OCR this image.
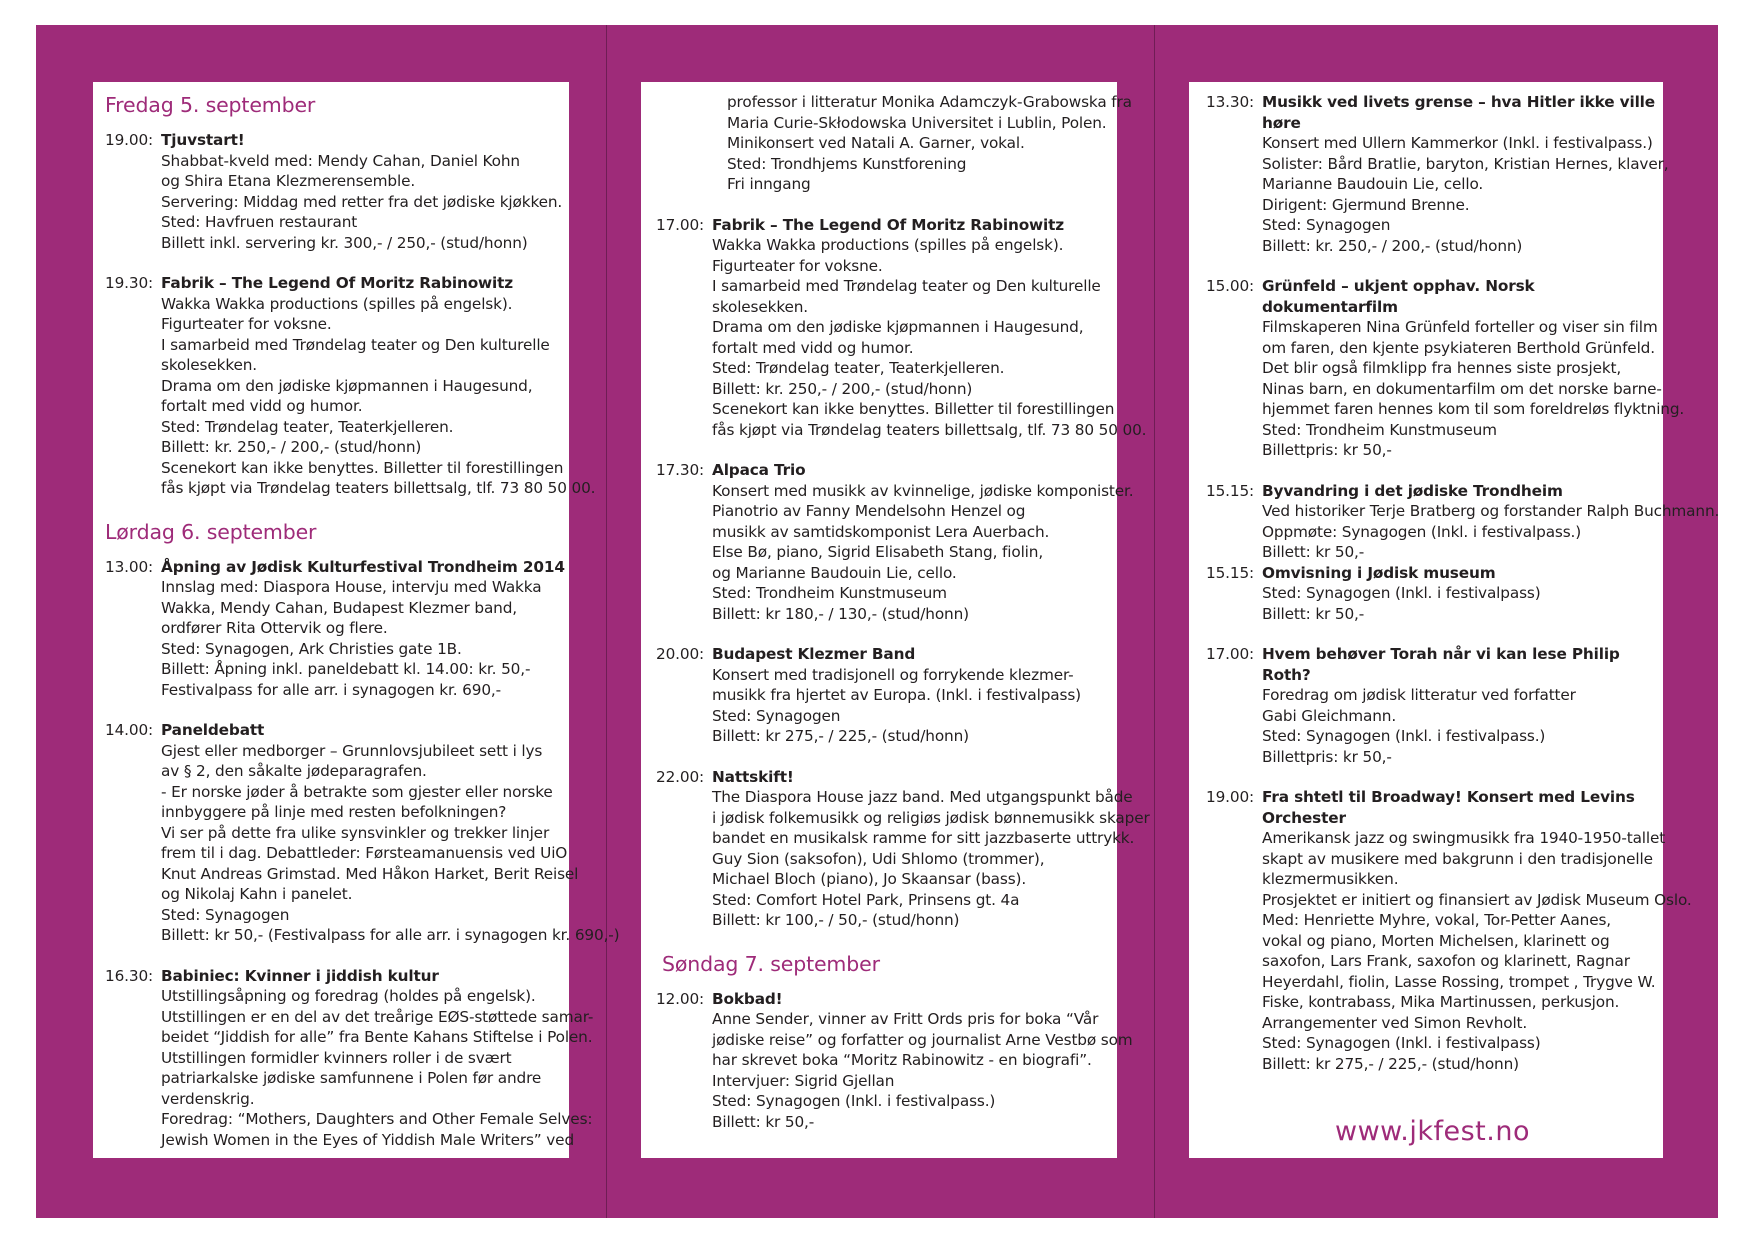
Fredag 5. september
19.00: Tjuvstart!
Shabbat-kveld med: Mendy Cahan, Daniel Kohn
og Shira Etana Klezmerensemble.
Servering: Middag med retter fra det jødiske kjøkken.
Sted: Havfruen restaurant
Billett inkl. servering kr. 300,- / 250,- (stud/honn)
19.30: Fabrik – The Legend Of Moritz Rabinowitz
Wakka Wakka productions (spilles på engelsk).
Figurteater for voksne.
I samarbeid med Trøndelag teater og Den kulturelle
skolesekken.
Drama om den jødiske kjøpmannen i Haugesund,
fortalt med vidd og humor.
Sted: Trøndelag teater, Teaterkjelleren.
Billett: kr. 250,- / 200,- (stud/honn)
Scenekort kan ikke benyttes. Billetter til forestillingen
fås kjøpt via Trøndelag teaters billettsalg, tlf. 73 80 50 00.
Lørdag 6. september
13.00: Åpning av Jødisk Kulturfestival Trondheim 2014
Innslag med: Diaspora House, intervju med Wakka
Wakka, Mendy Cahan, Budapest Klezmer band,
ordfører Rita Ottervik og flere.
Sted: Synagogen, Ark Christies gate 1B.
Billett: Åpning inkl. paneldebatt kl. 14.00: kr. 50,-
Festivalpass for alle arr. i synagogen kr. 690,-
14.00: Paneldebatt
Gjest eller medborger – Grunnlovsjubileet sett i lys
av § 2, den såkalte jødeparagrafen.
- Er norske jøder å betrakte som gjester eller norske
innbyggere på linje med resten befolkningen?
Vi ser på dette fra ulike synsvinkler og trekker linjer
frem til i dag. Debattleder: Førsteamanuensis ved UiO
Knut Andreas Grimstad. Med Håkon Harket, Berit Reisel
og Nikolaj Kahn i panelet.
Sted: Synagogen
Billett: kr 50,- (Festivalpass for alle arr. i synagogen kr. 690,-)
16.30: Babiniec: Kvinner i jiddish kultur
Utstillingsåpning og foredrag (holdes på engelsk).
Utstillingen er en del av det treårige EØS-støttede samar-
beidet “Jiddish for alle” fra Bente Kahans Stiftelse i Polen.
Utstillingen formidler kvinners roller i de svært
patriarkalske jødiske samfunnene i Polen før andre
verdenskrig.
Foredrag: “Mothers, Daughters and Other Female Selves:
Jewish Women in the Eyes of Yiddish Male Writers” ved
professor i litteratur Monika Adamczyk-Grabowska fra
Maria Curie-Skłodowska Universitet i Lublin, Polen.
Minikonsert ved Natali A. Garner, vokal.
Sted: Trondhjems Kunstforening
Fri inngang
17.00: Fabrik – The Legend Of Moritz Rabinowitz
Wakka Wakka productions (spilles på engelsk).
Figurteater for voksne.
I samarbeid med Trøndelag teater og Den kulturelle
skolesekken.
Drama om den jødiske kjøpmannen i Haugesund,
fortalt med vidd og humor.
Sted: Trøndelag teater, Teaterkjelleren.
Billett: kr. 250,- / 200,- (stud/honn)
Scenekort kan ikke benyttes. Billetter til forestillingen
fås kjøpt via Trøndelag teaters billettsalg, tlf. 73 80 50 00.
17.30: Alpaca Trio
Konsert med musikk av kvinnelige, jødiske komponister.
Pianotrio av Fanny Mendelsohn Henzel og
musikk av samtidskomponist Lera Auerbach.
Else Bø, piano, Sigrid Elisabeth Stang, fiolin,
og Marianne Baudouin Lie, cello.
Sted: Trondheim Kunstmuseum
Billett: kr 180,- / 130,- (stud/honn)
20.00: Budapest Klezmer Band
Konsert med tradisjonell og forrykende klezmer-
musikk fra hjertet av Europa. (Inkl. i festivalpass)
Sted: Synagogen
Billett: kr 275,- / 225,- (stud/honn)
22.00: Nattskift!
The Diaspora House jazz band. Med utgangspunkt både
i jødisk folkemusikk og religiøs jødisk bønnemusikk skaper
bandet en musikalsk ramme for sitt jazzbaserte uttrykk.
Guy Sion (saksofon), Udi Shlomo (trommer),
Michael Bloch (piano), Jo Skaansar (bass).
Sted: Comfort Hotel Park, Prinsens gt. 4a
Billett: kr 100,- / 50,- (stud/honn)
Søndag 7. september
12.00: Bokbad!
Anne Sender, vinner av Fritt Ords pris for boka “Vår
jødiske reise” og forfatter og journalist Arne Vestbø som
har skrevet boka “Moritz Rabinowitz - en biografi”.
Intervjuer: Sigrid Gjellan
Sted: Synagogen (Inkl. i festivalpass.)
Billett: kr 50,-
13.30: Musikk ved livets grense – hva Hitler ikke ville høre
Konsert med Ullern Kammerkor (Inkl. i festivalpass.)
Solister: Bård Bratlie, baryton, Kristian Hernes, klaver,
Marianne Baudouin Lie, cello.
Dirigent: Gjermund Brenne.
Sted: Synagogen
Billett: kr. 250,- / 200,- (stud/honn)
15.00: Grünfeld – ukjent opphav. Norsk dokumentarfilm
Filmskaperen Nina Grünfeld forteller og viser sin film
om faren, den kjente psykiateren Berthold Grünfeld.
Det blir også filmklipp fra hennes siste prosjekt,
Ninas barn, en dokumentarfilm om det norske barne-
hjemmet faren hennes kom til som foreldreløs flyktning.
Sted: Trondheim Kunstmuseum
Billettpris: kr 50,-
15.15: Byvandring i det jødiske Trondheim
Ved historiker Terje Bratberg og forstander Ralph Buchmann.
Oppmøte: Synagogen (Inkl. i festivalpass.)
Billett: kr 50,-
15.15: Omvisning i Jødisk museum
Sted: Synagogen (Inkl. i festivalpass)
Billett: kr 50,-
17.00: Hvem behøver Torah når vi kan lese Philip Roth?
Foredrag om jødisk litteratur ved forfatter
Gabi Gleichmann.
Sted: Synagogen (Inkl. i festivalpass.)
Billettpris: kr 50,-
19.00: Fra shtetl til Broadway! Konsert med Levins Orchester
Amerikansk jazz og swingmusikk fra 1940-1950-tallet
skapt av musikere med bakgrunn i den tradisjonelle
klezmermusikken.
Prosjektet er initiert og finansiert av Jødisk Museum Oslo.
Med: Henriette Myhre, vokal, Tor-Petter Aanes,
vokal og piano, Morten Michelsen, klarinett og
saxofon, Lars Frank, saxofon og klarinett, Ragnar
Heyerdahl, fiolin, Lasse Rossing, trompet , Trygve W.
Fiske, kontrabass, Mika Martinussen, perkusjon.
Arrangementer ved Simon Revholt.
Sted: Synagogen (Inkl. i festivalpass)
Billett: kr 275,- / 225,- (stud/honn)
www.jkfest.no
